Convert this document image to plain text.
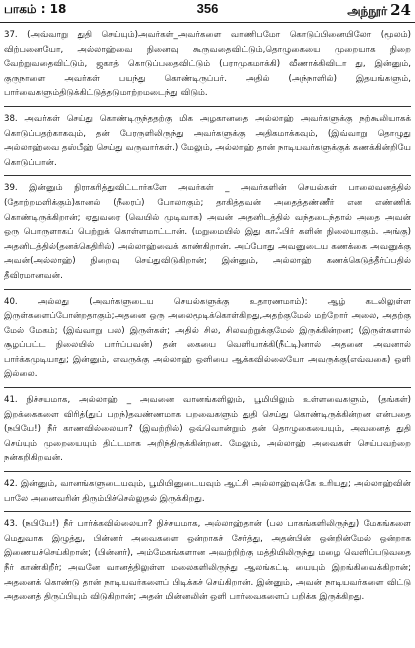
பாகம் : 18	356	அந்நூர் 24

37. (அவ்வாறு துதி செய்யும்)அவர்கள்_அவர்களை வாணிபமோ கொடுப்பினையிலோ (மூலம்) விற்பனையோ, அல்லாஹ்வை நினைவு கூருவதைவிட்டும்,தொழுகையை முறையாக நிறை வேற்றுவதைவிட்டும், ஜகாத் கொடுப்பதைவிட்டும் (பராமுகமாக்கி) வீணாக்கிவிடா து, இன்னும், குருநாளை அவர்கள் பயந்து கொண்டிருப்பர். அதில் (அந்நாளில்) இதயங்களும், பார்வைகளும்திடுக்கிட்டுத்தடுமாற்றமடைந்து விடும்.

38. அவர்கள் செய்து கொண்டிருந்ததற்கு மிக அழகானதை அல்லாஹ் அவர்களுக்கு நற்கூலியாகக் கொடுப்பதற்காகவும், தன் பேரருளிலிருந்து அவர்களுக்கு அதிகமாக்கவும், (இவ்வாறு தொழுது அல்லாஹ்வை தஸ்பீஹ் செய்து வருவார்கள்.) மேலும், அல்லாஹ் தான் நாடியவர்களுக்குக் கணக்கின்றியே கொடுப்பான்.

39. இன்னும் நிராகரித்துவிட்டார்களே அவர்கள் _ அவர்களின் செயல்கள் பாலைவனத்தில் (தோற்றமளிக்கும்)கானல் (நீரைப்) போலாகும்; தாகித்தவன் அதைத்தண்ணீர் என எண்ணிக் கொண்டிருக்கிறான்; ஏதுவரை (வெயில் முடிவாக) அவன் அதனிடத்தில் வந்தடைந்தால் அதை அவன் ஒரு பொருளாகப் பெற்றுக் கொள்ளமாட்டான். (மறுமையில் இது காஃபிர் களின் நிலையாகும். அங்கு) அதனிடத்தில்(தனக்கெதிரில்) அல்லாஹ்வைக் காண்கிறான். அப்போது அவனுடைய கணக்கை அவனுக்கு அவன்(அல்லாஹ்) நிறைவு செய்துவிடுகிறான்; இன்னும், அல்லாஹ் கணக்கெடுத்தீர்ப்பதில் தீவிரமானவன்.

40. அல்லது (அவர்களுடைய செயல்களுக்கு உதாரணமாம்): ஆழ் கடலிலுள்ள இருள்களைப்போன்றதாகும்;அதனை ஒரு அலைமூடிக்கொள்கிறது,அதற்குமேல் மற்றோர் அலை, அதற்கு மேல் மேகம்; (இவ்வாறு பல) இருள்கள்; அதில் சில, சிலவற்றுக்குமேல் இருக்கின்றன; (இருள்களால் சூழப்பட்ட நிலையில் பார்ப்பவன்) தன் கையை வெளியாக்கி(நீட்டி)னால் அதனை அவனால் பார்க்கமுடியாது; இன்னும், எவருக்கு அல்லாஹ் ஒளியை ஆக்கவில்லையோ அவருக்கு(எவ்வகை) ஒளி இல்லை.

41. நிச்சயமாக, அல்லாஹ் _ அவனை வானங்களிலும், பூமியிலும் உள்ளவைகளும், (தங்கள்) இறக்கைகளை விரித்(துப் பறந்)தவண்ணமாக பறவைகளும் துதி செய்து கொண்டிருக்கின்றன என்பதை (நபியே!) நீர் காணவில்லையா? (இவற்றில்) ஒவ்வொன்றும் தன் தொழுகையையும், அவனைத் துதி செய்யும் முறையையும் திட்டமாக அறிந்திருக்கின்றன. மேலும், அல்லாஹ் அவைகள் செய்பவற்றை நன்கறிகிறவன்.

42. இன்னும், வானங்களுடையவும், பூமியினுடையவும் ஆட்சி அல்லாஹ்வுக்கே உரியது; அல்லாஹ்வின் பாலே அனைவரின் திரும்பிச்செல்லுதல் இருக்கிறது.

43. (நபியே!) நீர் பார்க்கவில்லையா? நிச்சயமாக, அல்லாஹ்தான் (பல பாகங்களிலிருந்து) மேகங்களை மெதுவாக இழுத்து, பின்னர் அவைகளை ஒன்றாகச் சேர்த்து, அதன்பின் ஒன்றின்மேல் ஒன்றாக இணையச்செய்கிறான்; (பின்னர்), அம்மேகங்களான அவற்றிற்கு மத்தியிலிருந்து மழை வெளிப்படுவதை நீர் காண்கிறீர்; அவனே வானத்திலுள்ள மலைகளிலிருந்து ஆலங்கட்டி யையும் இறங்கிவைக்கிறான்; அதனைக் கொண்டு தான் நாடியவர்களைப் பிடிக்கச் செய்கிறான். இன்னும், அவன் நாடியவர்களை விட்டு அதனைத் திருப்பியும் விடுகிறான்; அதன் மின்னலின் ஒளி பார்வைகளைப் பறிக்க இருக்கிறது.
